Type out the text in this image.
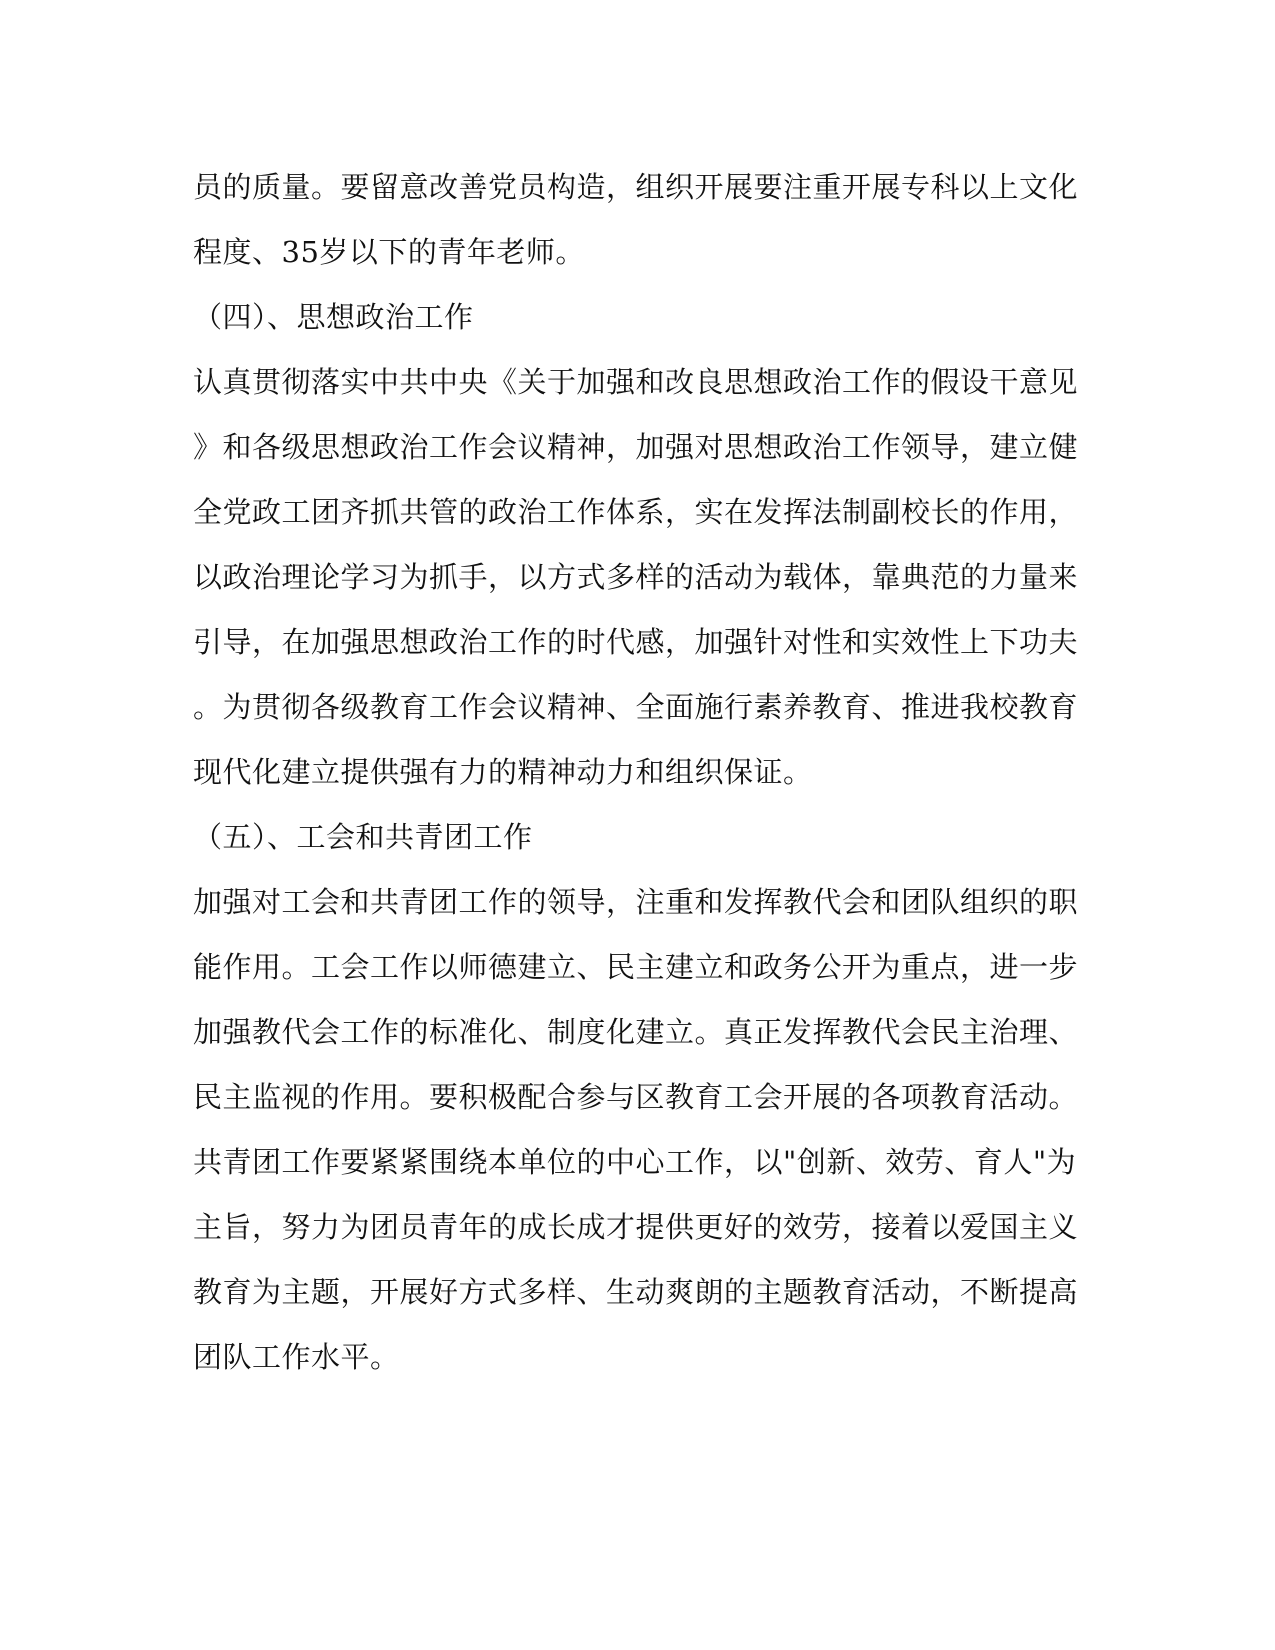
员的质量。要留意改善党员构造，组织开展要注重开展专科以上文化
程度、35岁以下的青年老师。
（四）、思想政治工作
认真贯彻落实中共中央《关于加强和改良思想政治工作的假设干意见
》和各级思想政治工作会议精神，加强对思想政治工作领导，建立健
全党政工团齐抓共管的政治工作体系，实在发挥法制副校长的作用，
以政治理论学习为抓手，以方式多样的活动为载体，靠典范的力量来
引导，在加强思想政治工作的时代感，加强针对性和实效性上下功夫
。为贯彻各级教育工作会议精神、全面施行素养教育、推进我校教育
现代化建立提供强有力的精神动力和组织保证。
（五）、工会和共青团工作
加强对工会和共青团工作的领导，注重和发挥教代会和团队组织的职
能作用。工会工作以师德建立、民主建立和政务公开为重点，进一步
加强教代会工作的标准化、制度化建立。真正发挥教代会民主治理、
民主监视的作用。要积极配合参与区教育工会开展的各项教育活动。
共青团工作要紧紧围绕本单位的中心工作，以"创新、效劳、育人"为
主旨，努力为团员青年的成长成才提供更好的效劳，接着以爱国主义
教育为主题，开展好方式多样、生动爽朗的主题教育活动，不断提高
团队工作水平。
